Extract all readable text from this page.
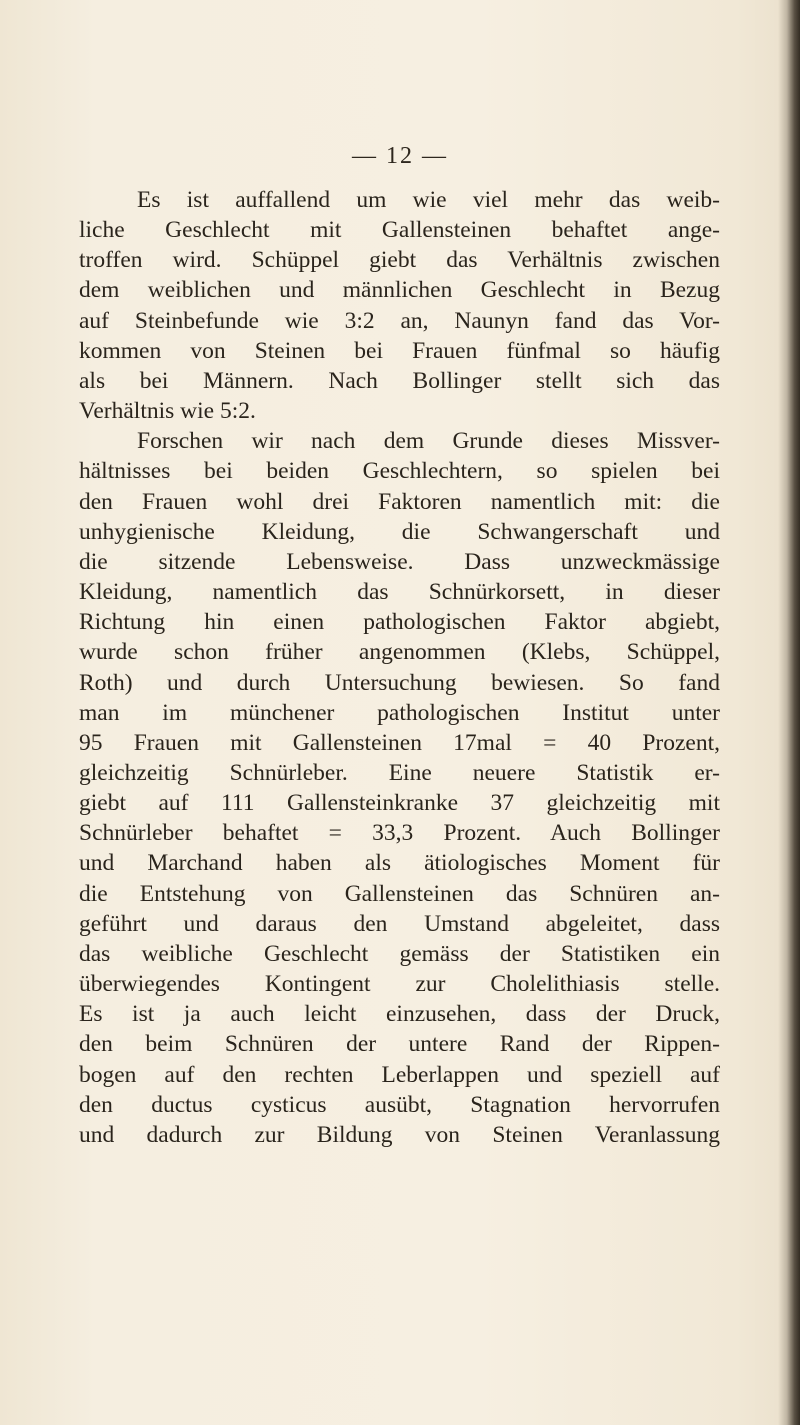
— 12 —

Es ist auffallend um wie viel mehr das weib-
liche Geschlecht mit Gallensteinen behaftet ange-
troffen wird. Schüppel giebt das Verhältnis zwischen
dem weiblichen und männlichen Geschlecht in Bezug
auf Steinbefunde wie 3:2 an, Naunyn fand das Vor-
kommen von Steinen bei Frauen fünfmal so häufig
als bei Männern. Nach Bollinger stellt sich das
Verhältnis wie 5:2.

Forschen wir nach dem Grunde dieses Missver-
hältnisses bei beiden Geschlechtern, so spielen bei
den Frauen wohl drei Faktoren namentlich mit: die
unhygienische Kleidung, die Schwangerschaft und
die sitzende Lebensweise. Dass unzweckmässige
Kleidung, namentlich das Schnürkorsett, in dieser
Richtung hin einen pathologischen Faktor abgiebt,
wurde schon früher angenommen (Klebs, Schüppel,
Roth) und durch Untersuchung bewiesen. So fand
man im münchener pathologischen Institut unter
95 Frauen mit Gallensteinen 17mal = 40 Prozent,
gleichzeitig Schnürleber. Eine neuere Statistik er-
giebt auf 111 Gallensteinkranke 37 gleichzeitig mit
Schnürleber behaftet = 33,3 Prozent. Auch Bollinger
und Marchand haben als ätiologisches Moment für
die Entstehung von Gallensteinen das Schnüren an-
geführt und daraus den Umstand abgeleitet, dass
das weibliche Geschlecht gemäss der Statistiken ein
überwiegendes Kontingent zur Cholelithiasis stelle.
Es ist ja auch leicht einzusehen, dass der Druck,
den beim Schnüren der untere Rand der Rippen-
bogen auf den rechten Leberlappen und speziell auf
den ductus cysticus ausübt, Stagnation hervorrufen
und dadurch zur Bildung von Steinen Veranlassung
